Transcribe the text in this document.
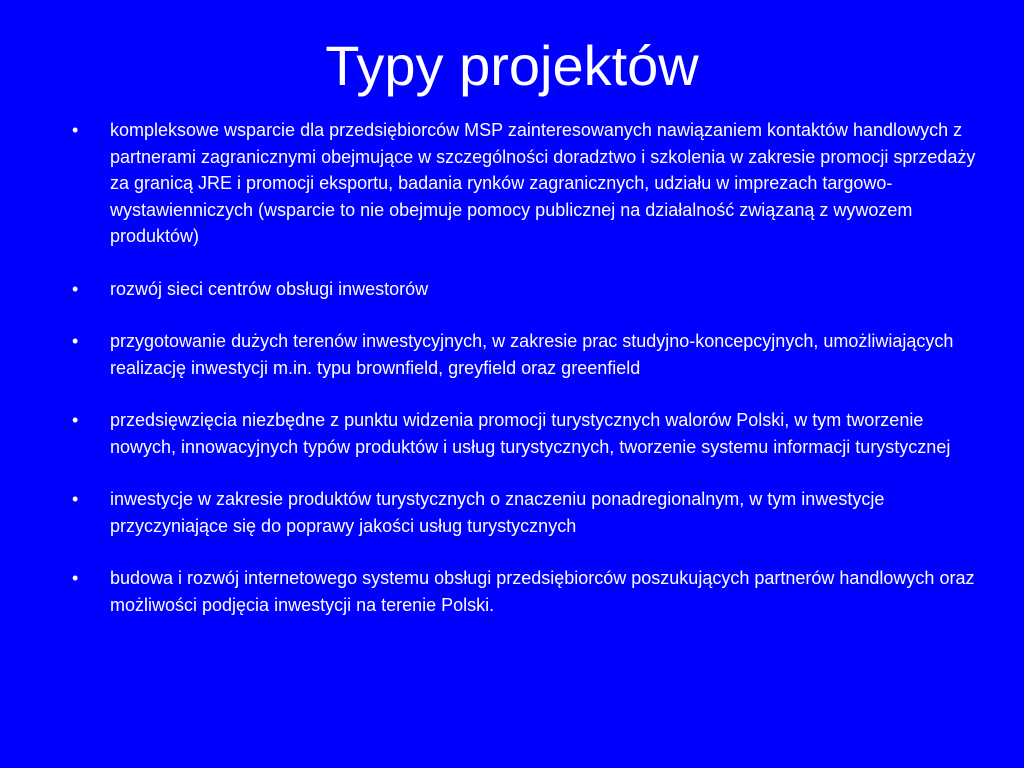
Typy projektów
•	kompleksowe wsparcie dla przedsiębiorców MSP zainteresowanych nawiązaniem kontaktów handlowych z partnerami zagranicznymi obejmujące w szczególności doradztwo i szkolenia w zakresie promocji sprzedaży za granicą JRE i promocji eksportu, badania rynków zagranicznych, udziału w imprezach targowo-wystawienniczych (wsparcie to nie obejmuje pomocy publicznej na działalność związaną z wywozem produktów)
•	rozwój sieci centrów obsługi inwestorów
•	przygotowanie dużych terenów inwestycyjnych, w zakresie prac studyjno-koncepcyjnych, umożliwiających realizację inwestycji m.in. typu brownfield, greyfield oraz greenfield
•	przedsięwzięcia niezbędne z punktu widzenia promocji turystycznych walorów Polski, w tym tworzenie nowych, innowacyjnych typów produktów i usług turystycznych, tworzenie systemu informacji turystycznej
•	inwestycje w zakresie produktów turystycznych o znaczeniu ponadregionalnym, w tym inwestycje przyczyniające się do poprawy jakości usług turystycznych
•	budowa i rozwój internetowego systemu obsługi przedsiębiorców poszukujących partnerów handlowych oraz możliwości podjęcia inwestycji na terenie Polski.
